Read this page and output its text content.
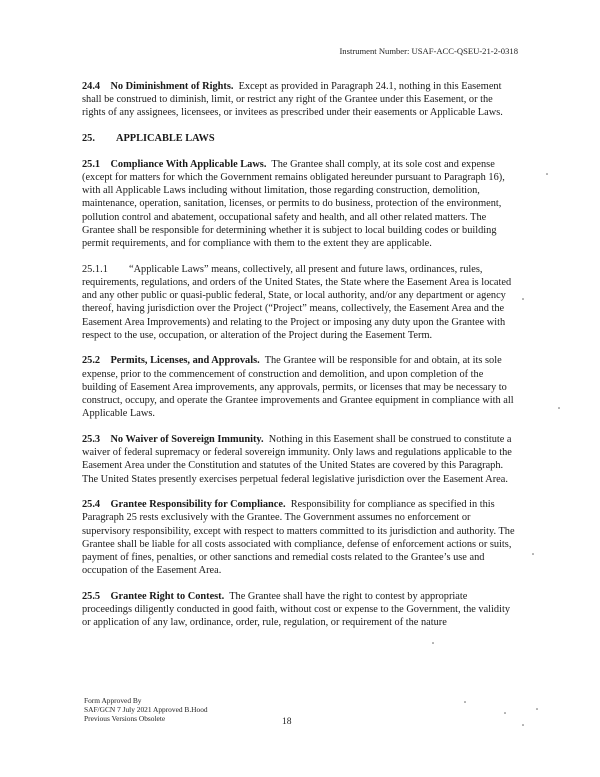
Instrument Number: USAF-ACC-QSEU-21-2-0318

24.4 No Diminishment of Rights. Except as provided in Paragraph 24.1, nothing in this Easement shall be construed to diminish, limit, or restrict any right of the Grantee under this Easement, or the rights of any assignees, licensees, or invitees as prescribed under their easements or Applicable Laws.

25. APPLICABLE LAWS

25.1 Compliance With Applicable Laws. The Grantee shall comply, at its sole cost and expense (except for matters for which the Government remains obligated hereunder pursuant to Paragraph 16), with all Applicable Laws including without limitation, those regarding construction, demolition, maintenance, operation, sanitation, licenses, or permits to do business, protection of the environment, pollution control and abatement, occupational safety and health, and all other related matters. The Grantee shall be responsible for determining whether it is subject to local building codes or building permit requirements, and for compliance with them to the extent they are applicable.

25.1.1 “Applicable Laws” means, collectively, all present and future laws, ordinances, rules, requirements, regulations, and orders of the United States, the State where the Easement Area is located and any other public or quasi-public federal, State, or local authority, and/or any department or agency thereof, having jurisdiction over the Project (“Project” means, collectively, the Easement Area and the Easement Area Improvements) and relating to the Project or imposing any duty upon the Grantee with respect to the use, occupation, or alteration of the Project during the Easement Term.

25.2 Permits, Licenses, and Approvals. The Grantee will be responsible for and obtain, at its sole expense, prior to the commencement of construction and demolition, and upon completion of the building of Easement Area improvements, any approvals, permits, or licenses that may be necessary to construct, occupy, and operate the Grantee improvements and Grantee equipment in compliance with all Applicable Laws.

25.3 No Waiver of Sovereign Immunity. Nothing in this Easement shall be construed to constitute a waiver of federal supremacy or federal sovereign immunity. Only laws and regulations applicable to the Easement Area under the Constitution and statutes of the United States are covered by this Paragraph. The United States presently exercises perpetual federal legislative jurisdiction over the Easement Area.

25.4 Grantee Responsibility for Compliance. Responsibility for compliance as specified in this Paragraph 25 rests exclusively with the Grantee. The Government assumes no enforcement or supervisory responsibility, except with respect to matters committed to its jurisdiction and authority. The Grantee shall be liable for all costs associated with compliance, defense of enforcement actions or suits, payment of fines, penalties, or other sanctions and remedial costs related to the Grantee’s use and occupation of the Easement Area.

25.5 Grantee Right to Contest. The Grantee shall have the right to contest by appropriate proceedings diligently conducted in good faith, without cost or expense to the Government, the validity or application of any law, ordinance, order, rule, regulation, or requirement of the nature

Form Approved By
SAF/GCN 7 July 2021 Approved B.Hood
Previous Versions Obsolete	18
